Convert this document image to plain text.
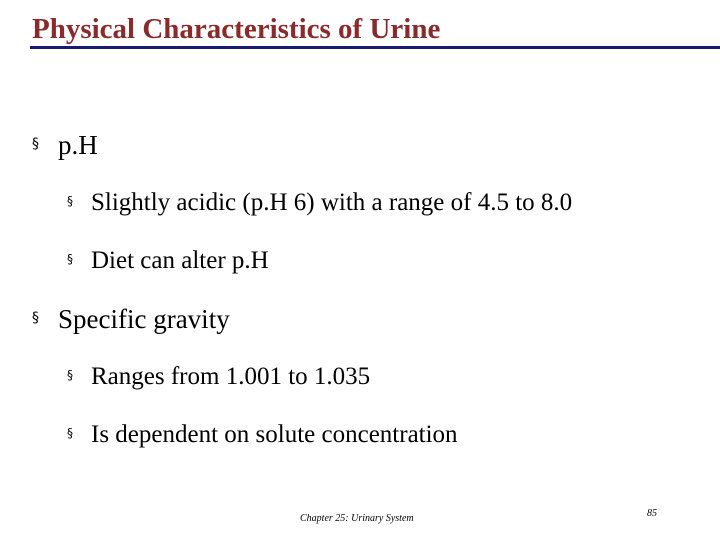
Physical Characteristics of Urine
§ p.H
§ Slightly acidic (p.H 6) with a range of 4.5 to 8.0
§ Diet can alter p.H
§ Specific gravity
§ Ranges from 1.001 to 1.035
§ Is dependent on solute concentration
Chapter 25: Urinary System	85
